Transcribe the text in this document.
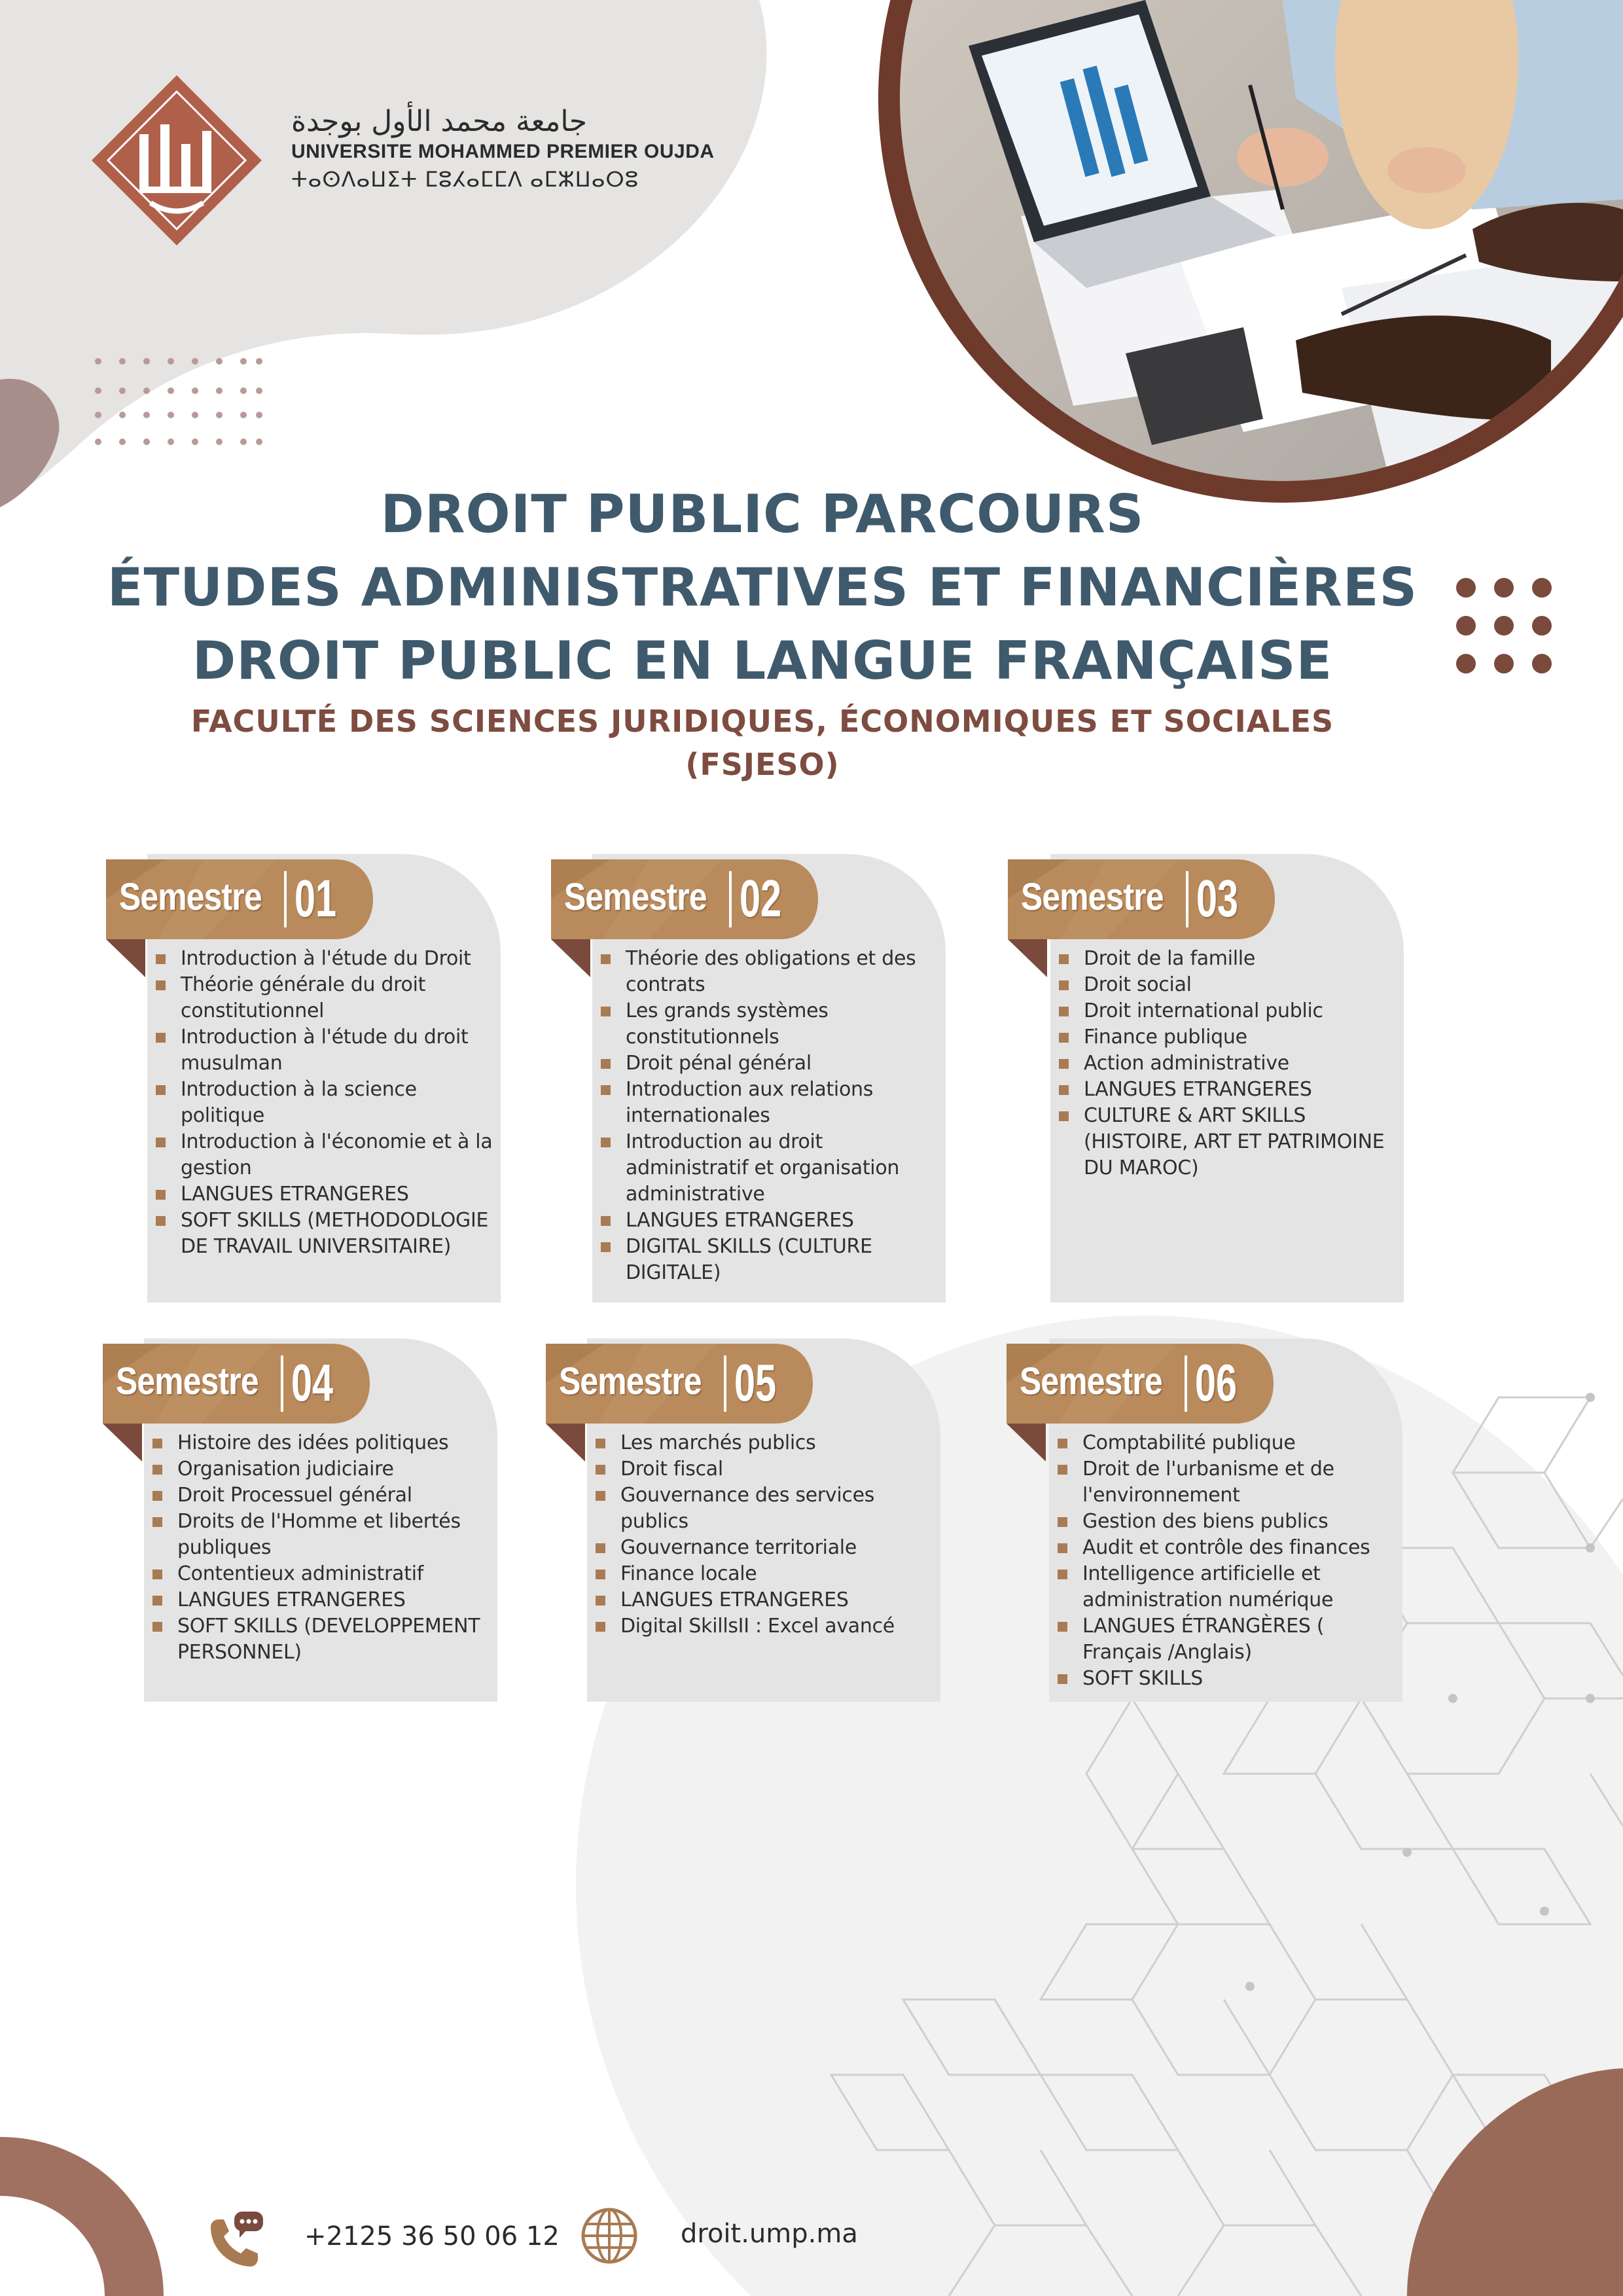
جامعة محمد الأول بوجدة
UNIVERSITE MOHAMMED PREMIER OUJDA
ⵜⴰⵙⴷⴰⵡⵉⵜ ⵎⵓⵃⴰⵎⵎⴷ ⴰⵎⵣⵡⴰⵔⵓ
DROIT PUBLIC PARCOURS
ÉTUDES ADMINISTRATIVES ET FINANCIÈRES
DROIT PUBLIC EN LANGUE FRANÇAISE
FACULTÉ DES SCIENCES JURIDIQUES, ÉCONOMIQUES ET SOCIALES
(FSJESO)
Introduction à l'étude du Droit
Théorie générale du droit constitutionnel
Introduction à l'étude du droit musulman
Introduction à la science politique
Introduction à l'économie et à la gestion
LANGUES ETRANGERES
SOFT SKILLS (METHODODLOGIE DE TRAVAIL UNIVERSITAIRE)
Semestre 01
Théorie des obligations et des contrats
Les grands systèmes constitutionnels
Droit pénal général
Introduction aux relations internationales
Introduction au droit administratif et organisation administrative
LANGUES ETRANGERES
DIGITAL SKILLS (CULTURE DIGITALE)
Semestre 02
Droit de la famille
Droit social
Droit international public
Finance publique
Action administrative
LANGUES ETRANGERES
CULTURE & ART SKILLS (HISTOIRE, ART ET PATRIMOINE DU MAROC)
Semestre 03
Histoire des idées politiques
Organisation judiciaire
Droit Processuel général
Droits de l'Homme et libertés publiques
Contentieux administratif
LANGUES ETRANGERES
SOFT SKILLS (DEVELOPPEMENT PERSONNEL)
Semestre 04
Les marchés publics
Droit fiscal
Gouvernance des services publics
Gouvernance territoriale
Finance locale
LANGUES ETRANGERES
Digital SkillsII : Excel avancé
Semestre 05
Comptabilité publique
Droit de l'urbanisme et de l'environnement
Gestion des biens publics
Audit et contrôle des finances
Intelligence artificielle et administration numérique
LANGUES ÉTRANGÈRES ( Français /Anglais)
SOFT SKILLS
Semestre 06
+2125 36 50 06 12	droit.ump.ma
